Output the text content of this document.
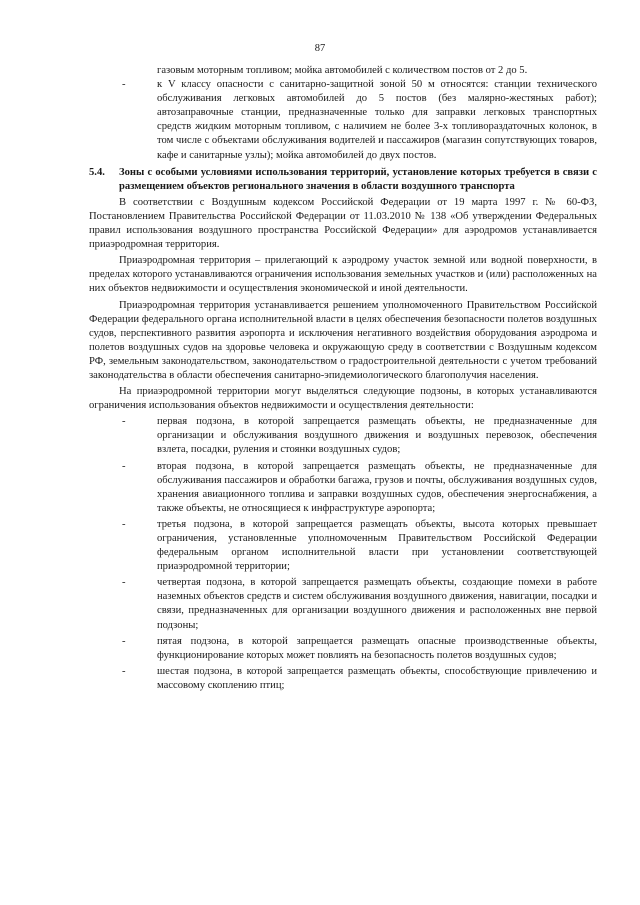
87

газовым моторным топливом; мойка автомобилей с количеством постов от 2 до 5.

-	к V классу опасности с санитарно-защитной зоной 50 м относятся: станции технического обслуживания легковых автомобилей до 5 постов (без малярно-жестяных работ); автозаправочные станции, предназначенные только для заправки легковых транспортных средств жидким моторным топливом, с наличием не более 3-х топливораздаточных колонок, в том числе с объектами обслуживания водителей и пассажиров (магазин сопутствующих товаров, кафе и санитарные узлы); мойка автомобилей до двух постов.
5.4. Зоны с особыми условиями использования территорий, установление которых требуется в связи с размещением объектов регионального значения в области воздушного транспорта

В соответствии с Воздушным кодексом Российской Федерации от 19 марта 1997 г. № 60-ФЗ, Постановлением Правительства Российской Федерации от 11.03.2010 № 138 «Об утверждении Федеральных правил использования воздушного пространства Российской Федерации» для аэродромов устанавливается приаэродромная территория.

Приаэродромная территория – прилегающий к аэродрому участок земной или водной поверхности, в пределах которого устанавливаются ограничения использования земельных участков и (или) расположенных на них объектов недвижимости и осуществления экономической и иной деятельности.

Приаэродромная территория устанавливается решением уполномоченного Правительством Российской Федерации федерального органа исполнительной власти в целях обеспечения безопасности полетов воздушных судов, перспективного развития аэропорта и исключения негативного воздействия оборудования аэродрома и полетов воздушных судов на здоровье человека и окружающую среду в соответствии с Воздушным кодексом РФ, земельным законодательством, законодательством о градостроительной деятельности с учетом требований законодательства в области обеспечения санитарно-эпидемиологического благополучия населения.

На приаэродромной территории могут выделяться следующие подзоны, в которых устанавливаются ограничения использования объектов недвижимости и осуществления деятельности:

-	первая подзона, в которой запрещается размещать объекты, не предназначенные для организации и обслуживания воздушного движения и воздушных перевозок, обеспечения взлета, посадки, руления и стоянки воздушных судов;
-	вторая подзона, в которой запрещается размещать объекты, не предназначенные для обслуживания пассажиров и обработки багажа, грузов и почты, обслуживания воздушных судов, хранения авиационного топлива и заправки воздушных судов, обеспечения энергоснабжения, а также объекты, не относящиеся к инфраструктуре аэропорта;
-	третья подзона, в которой запрещается размещать объекты, высота которых превышает ограничения, установленные уполномоченным Правительством Российской Федерации федеральным органом исполнительной власти при установлении соответствующей приаэродромной территории;
-	четвертая подзона, в которой запрещается размещать объекты, создающие помехи в работе наземных объектов средств и систем обслуживания воздушного движения, навигации, посадки и связи, предназначенных для организации воздушного движения и расположенных вне первой подзоны;
-	пятая подзона, в которой запрещается размещать опасные производственные объекты, функционирование которых может повлиять на безопасность полетов воздушных судов;
-	шестая подзона, в которой запрещается размещать объекты, способствующие привлечению и массовому скоплению птиц;
